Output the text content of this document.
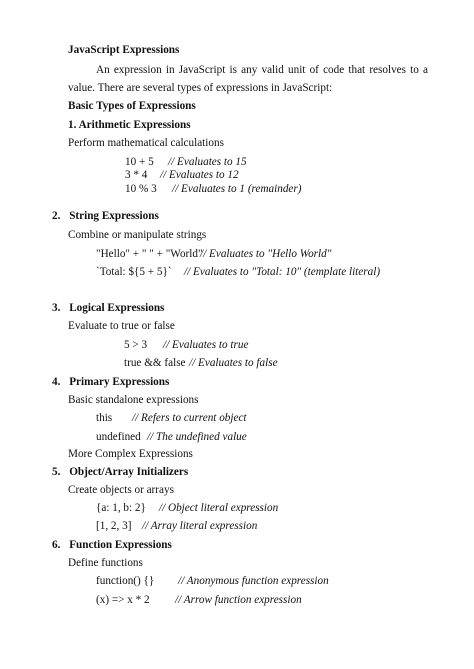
JavaScript Expressions
An expression in JavaScript is any valid unit of code that resolves to a
value. There are several types of expressions in JavaScript:
Basic Types of Expressions
1. Arithmetic Expressions
Perform mathematical calculations
10 + 5 // Evaluates to 15
3 * 4 // Evaluates to 12
10 % 3 // Evaluates to 1 (remainder)
2. String Expressions
Combine or manipulate strings
"Hello" + " " + "World"
// Evaluates to "Hello World"
`Total: ${5 + 5}` // Evaluates to "Total: 10" (template literal)
3. Logical Expressions
Evaluate to true or false
5 > 3 // Evaluates to true
true && false // Evaluates to false
4. Primary Expressions
Basic standalone expressions
this // Refers to current object
undefined // The undefined value
More Complex Expressions
5. Object/Array Initializers
Create objects or arrays
{a: 1, b: 2} // Object literal expression
[1, 2, 3] // Array literal expression
6. Function Expressions
Define functions
function() {} // Anonymous function expression
(x) => x * 2 // Arrow function expression
